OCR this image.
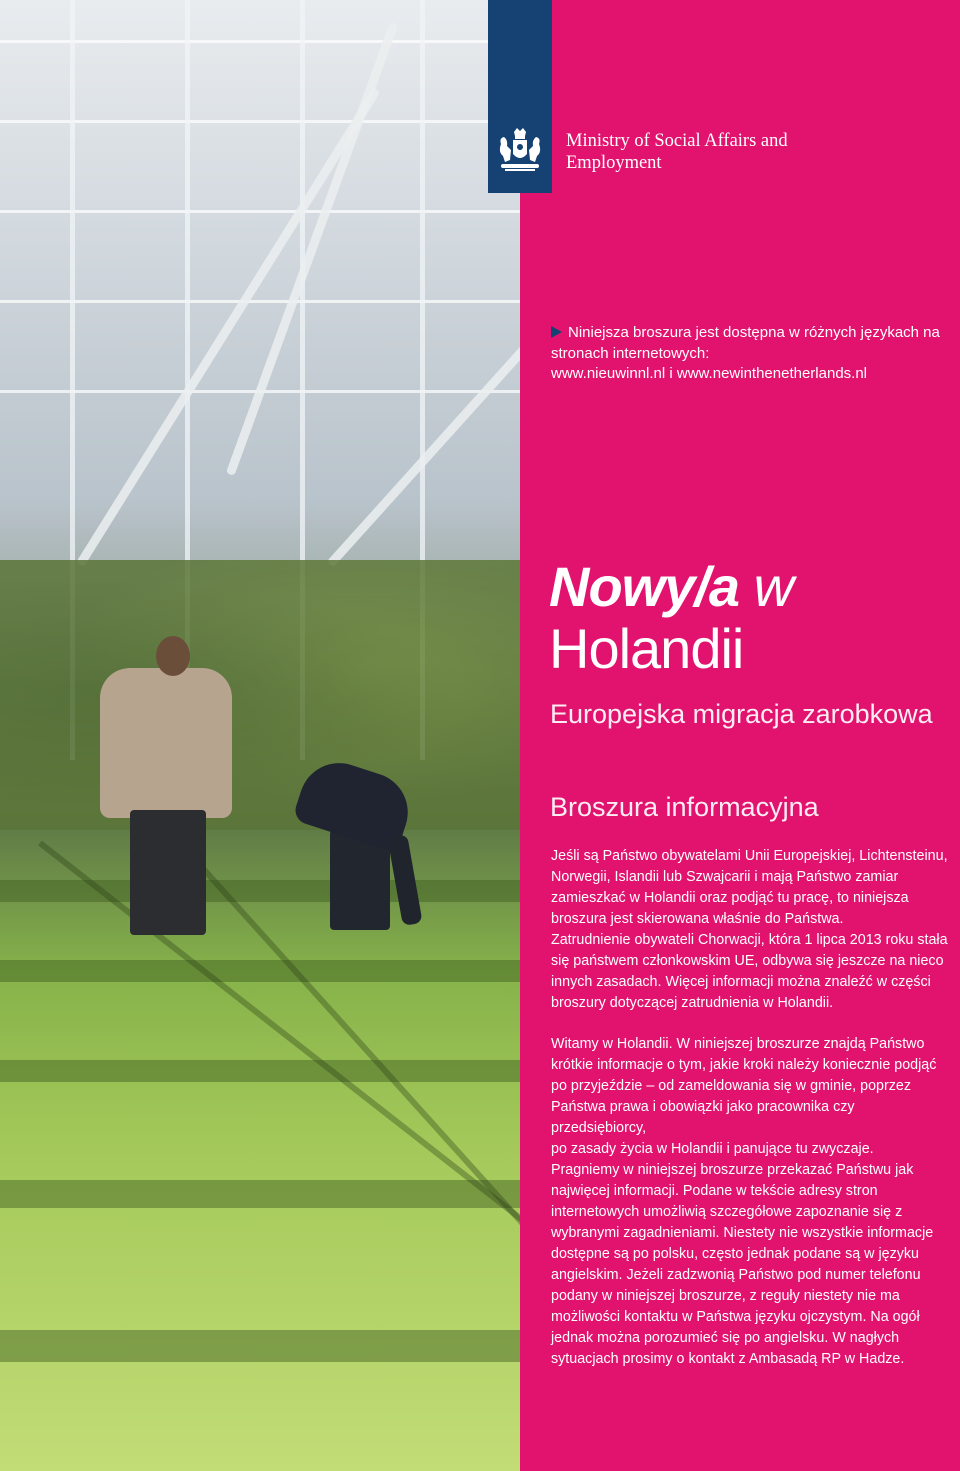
Ministry of Social Affairs and
Employment
Niniejsza broszura jest dostępna w różnych językach na
stronach internetowych:
www.nieuwinnl.nl i www.newinthenetherlands.nl
Nowy/a w
Holandii
Europejska migracja zarobkowa
Broszura informacyjna
Jeśli są Państwo obywatelami Unii Europejskiej, Lichtensteinu,
Norwegii, Islandii lub Szwajcarii i mają Państwo zamiar
zamieszkać w Holandii oraz podjąć tu pracę, to niniejsza
broszura jest skierowana właśnie do Państwa.
Zatrudnienie obywateli Chorwacji, która 1 lipca 2013 roku stała
się państwem członkowskim UE, odbywa się jeszcze na nieco
innych zasadach. Więcej informacji można znaleźć w części
broszury dotyczącej zatrudnienia w Holandii.
Witamy w Holandii. W niniejszej broszurze znajdą Państwo
krótkie informacje o tym, jakie kroki należy koniecznie podjąć
po przyjeździe – od zameldowania się w gminie, poprzez
Państwa prawa i obowiązki jako pracownika czy przedsiębiorcy,
po zasady życia w Holandii i panujące tu zwyczaje.
Pragniemy w niniejszej broszurze przekazać Państwu jak
najwięcej informacji. Podane w tekście adresy stron
internetowych umożliwią szczegółowe zapoznanie się z
wybranymi zagadnieniami. Niestety nie wszystkie informacje
dostępne są po polsku, często jednak podane są w języku
angielskim. Jeżeli zadzwonią Państwo pod numer telefonu
podany w niniejszej broszurze, z reguły niestety nie ma
możliwości kontaktu w Państwa języku ojczystym. Na ogół
jednak można porozumieć się po angielsku. W nagłych
sytuacjach prosimy o kontakt z Ambasadą RP w Hadze.
